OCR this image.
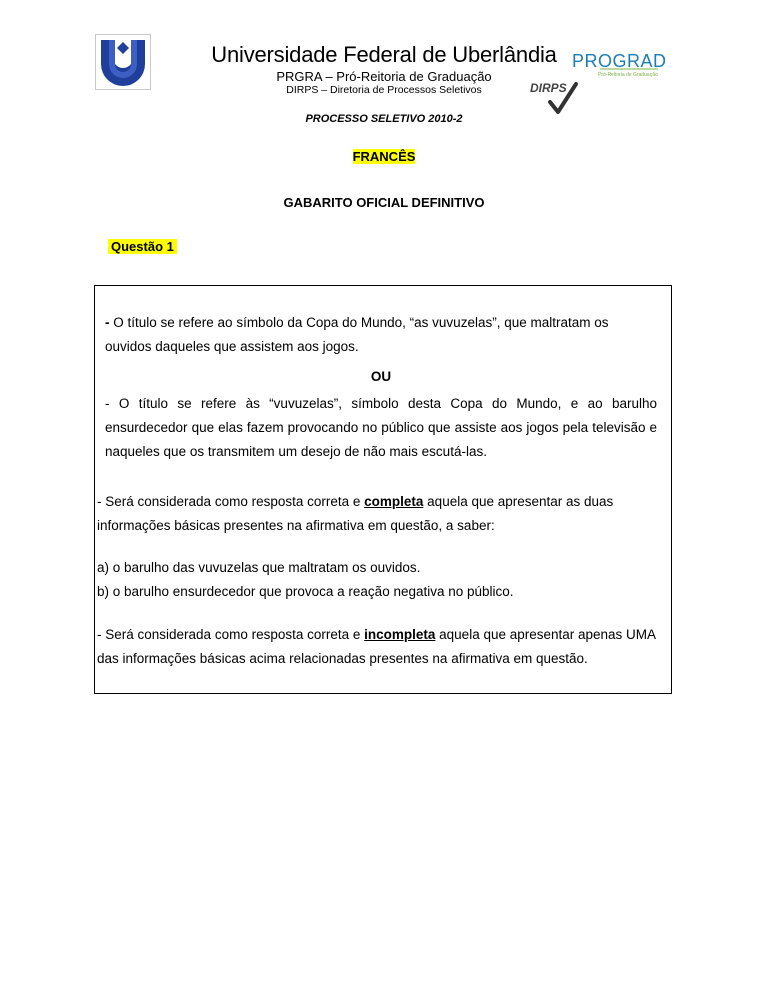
Universidade Federal de Uberlândia
PRGRA – Pró-Reitoria de Graduação
DIRPS – Diretoria de Processos Seletivos
PROGRAD
Pró-Reitoria de Graduação
DIRPS
PROCESSO SELETIVO 2010-2
FRANCÊS
GABARITO OFICIAL DEFINITIVO
Questão 1
- O título se refere ao símbolo da Copa do Mundo, “as vuvuzelas”, que maltratam os ouvidos daqueles que assistem aos jogos.
OU
- O título se refere às “vuvuzelas”, símbolo desta Copa do Mundo, e ao barulho ensurdecedor que elas fazem provocando no público que assiste aos jogos pela televisão e naqueles que os transmitem um desejo de não mais escutá-las.
- Será considerada como resposta correta e completa aquela que apresentar as duas informações básicas presentes na afirmativa em questão, a saber:
a) o barulho das vuvuzelas que maltratam os ouvidos.
b) o barulho ensurdecedor que provoca a reação negativa no público.
- Será considerada como resposta correta e incompleta aquela que apresentar apenas UMA das informações básicas acima relacionadas presentes na afirmativa em questão.
